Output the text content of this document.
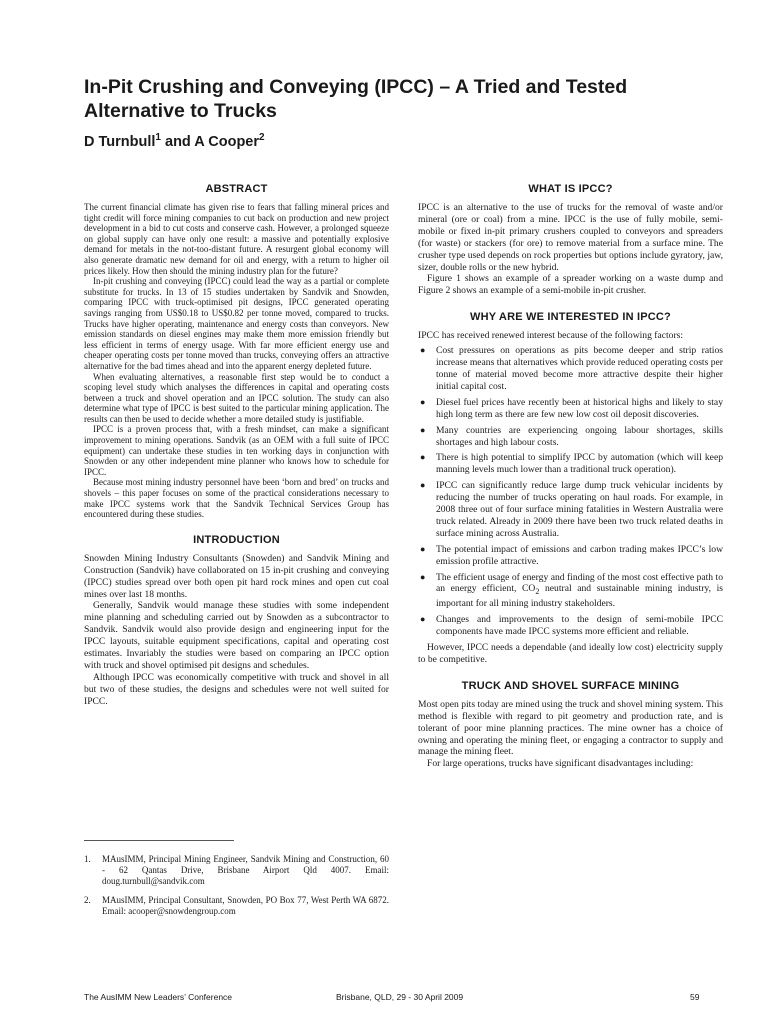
In-Pit Crushing and Conveying (IPCC) – A Tried and Tested Alternative to Trucks
D Turnbull$^1$ and A Cooper$^2$
ABSTRACT

The current financial climate has given rise to fears that falling mineral prices and tight credit will force mining companies to cut back on production and new project development in a bid to cut costs and conserve cash. However, a prolonged squeeze on global supply can have only one result: a massive and potentially explosive demand for metals in the not-too-distant future. A resurgent global economy will also generate dramatic new demand for oil and energy, with a return to higher oil prices likely. How then should the mining industry plan for the future?

In-pit crushing and conveying (IPCC) could lead the way as a partial or complete substitute for trucks. In 13 of 15 studies undertaken by Sandvik and Snowden, comparing IPCC with truck-optimised pit designs, IPCC generated operating savings ranging from US$0.18 to US$0.82 per tonne moved, compared to trucks. Trucks have higher operating, maintenance and energy costs than conveyors. New emission standards on diesel engines may make them more emission friendly but less efficient in terms of energy usage. With far more efficient energy use and cheaper operating costs per tonne moved than trucks, conveying offers an attractive alternative for the bad times ahead and into the apparent energy depleted future.

When evaluating alternatives, a reasonable first step would be to conduct a scoping level study which analyses the differences in capital and operating costs between a truck and shovel operation and an IPCC solution. The study can also determine what type of IPCC is best suited to the particular mining application. The results can then be used to decide whether a more detailed study is justifiable.

IPCC is a proven process that, with a fresh mindset, can make a significant improvement to mining operations. Sandvik (as an OEM with a full suite of IPCC equipment) can undertake these studies in ten working days in conjunction with Snowden or any other independent mine planner who knows how to schedule for IPCC.

Because most mining industry personnel have been ‘born and bred’ on trucks and shovels – this paper focuses on some of the practical considerations necessary to make IPCC systems work that the Sandvik Technical Services Group has encountered during these studies.

INTRODUCTION

Snowden Mining Industry Consultants (Snowden) and Sandvik Mining and Construction (Sandvik) have collaborated on 15 in-pit crushing and conveying (IPCC) studies spread over both open pit hard rock mines and open cut coal mines over last 18 months.

Generally, Sandvik would manage these studies with some independent mine planning and scheduling carried out by Snowden as a subcontractor to Sandvik. Sandvik would also provide design and engineering input for the IPCC layouts, suitable equipment specifications, capital and operating cost estimates. Invariably the studies were based on comparing an IPCC option with truck and shovel optimised pit designs and schedules.

Although IPCC was economically competitive with truck and shovel in all but two of these studies, the designs and schedules were not well suited for IPCC.

1. MAusIMM, Principal Mining Engineer, Sandvik Mining and Construction, 60 - 62 Qantas Drive, Brisbane Airport Qld 4007. Email: doug.turnbull@sandvik.com
2. MAusIMM, Principal Consultant, Snowden, PO Box 77, West Perth WA 6872. Email: acooper@snowdengroup.com
WHAT IS IPCC?

IPCC is an alternative to the use of trucks for the removal of waste and/or mineral (ore or coal) from a mine. IPCC is the use of fully mobile, semi-mobile or fixed in-pit primary crushers coupled to conveyors and spreaders (for waste) or stackers (for ore) to remove material from a surface mine. The crusher type used depends on rock properties but options include gyratory, jaw, sizer, double rolls or the new hybrid.

Figure 1 shows an example of a spreader working on a waste dump and Figure 2 shows an example of a semi-mobile in-pit crusher.

WHY ARE WE INTERESTED IN IPCC?

IPCC has received renewed interest because of the following factors:

● Cost pressures on operations as pits become deeper and strip ratios increase means that alternatives which provide reduced operating costs per tonne of material moved become more attractive despite their higher initial capital cost.
● Diesel fuel prices have recently been at historical highs and likely to stay high long term as there are few new low cost oil deposit discoveries.
● Many countries are experiencing ongoing labour shortages, skills shortages and high labour costs.
● There is high potential to simplify IPCC by automation (which will keep manning levels much lower than a traditional truck operation).
● IPCC can significantly reduce large dump truck vehicular incidents by reducing the number of trucks operating on haul roads. For example, in 2008 three out of four surface mining fatalities in Western Australia were truck related. Already in 2009 there have been two truck related deaths in surface mining across Australia.
● The potential impact of emissions and carbon trading makes IPCC’s low emission profile attractive.
● The efficient usage of energy and finding of the most cost effective path to an energy efficient, $CO_2$ neutral and sustainable mining industry, is important for all mining industry stakeholders.
● Changes and improvements to the design of semi-mobile IPCC components have made IPCC systems more efficient and reliable.

However, IPCC needs a dependable (and ideally low cost) electricity supply to be competitive.

TRUCK AND SHOVEL SURFACE MINING

Most open pits today are mined using the truck and shovel mining system. This method is flexible with regard to pit geometry and production rate, and is tolerant of poor mine planning practices. The mine owner has a choice of owning and operating the mining fleet, or engaging a contractor to supply and manage the mining fleet.

For large operations, trucks have significant disadvantages including:

The AusIMM New Leaders’ Conference	Brisbane, QLD, 29 - 30 April 2009	59
